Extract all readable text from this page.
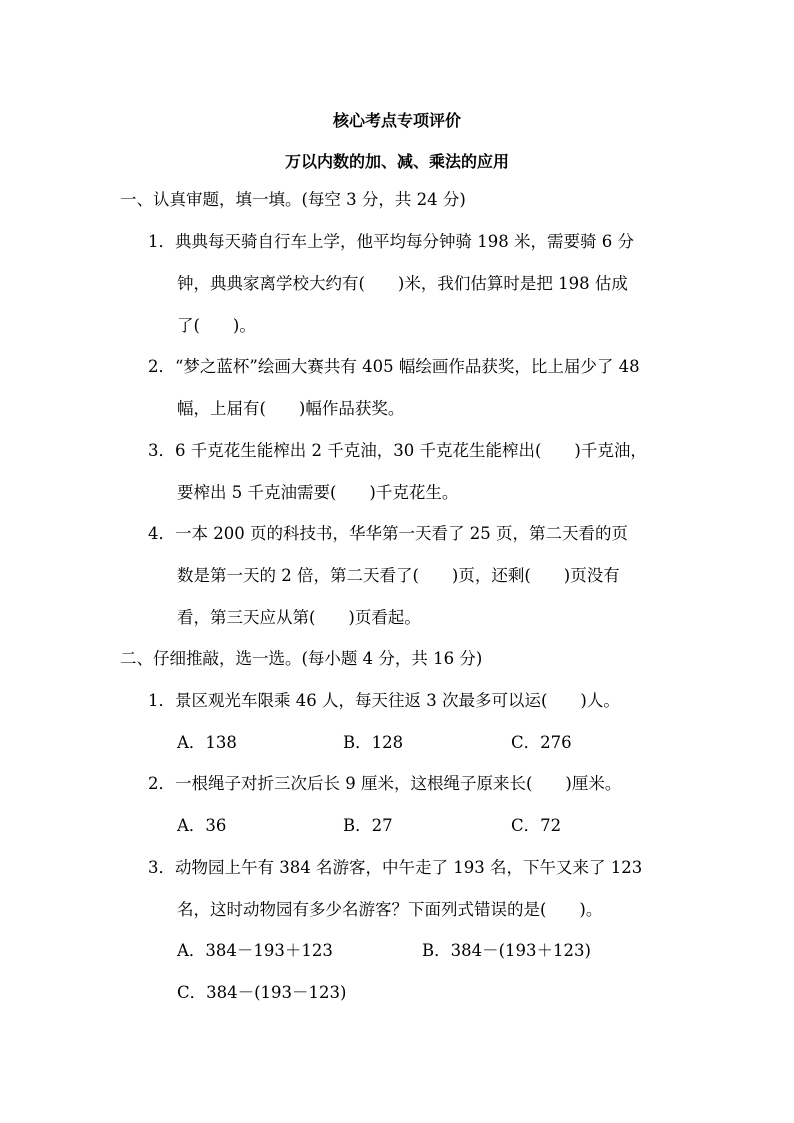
核心考点专项评价
万以内数的加、减、乘法的应用
一、认真审题，填一填。(每空 3 分，共 24 分)
1．典典每天骑自行车上学，他平均每分钟骑 198 米，需要骑 6 分
钟，典典家离学校大约有(　　)米，我们估算时是把 198 估成
了(　　)。
2．“梦之蓝杯”绘画大赛共有 405 幅绘画作品获奖，比上届少了 48
幅，上届有(　　)幅作品获奖。
3．6 千克花生能榨出 2 千克油，30 千克花生能榨出(　　)千克油，
要榨出 5 千克油需要(　　)千克花生。
4．一本 200 页的科技书，华华第一天看了 25 页，第二天看的页
数是第一天的 2 倍，第二天看了(　　)页，还剩(　　)页没有
看，第三天应从第(　　)页看起。
二、仔细推敲，选一选。(每小题 4 分，共 16 分)
1．景区观光车限乘 46 人，每天往返 3 次最多可以运(　　)人。
A．138	B．128	C．276
2．一根绳子对折三次后长 9 厘米，这根绳子原来长(　　)厘米。
A．36	B．27	C．72
3．动物园上午有 384 名游客，中午走了 193 名，下午又来了 123
名，这时动物园有多少名游客？下面列式错误的是(　　)。
A．384－193＋123	B．384－(193＋123)
C．384－(193－123)
